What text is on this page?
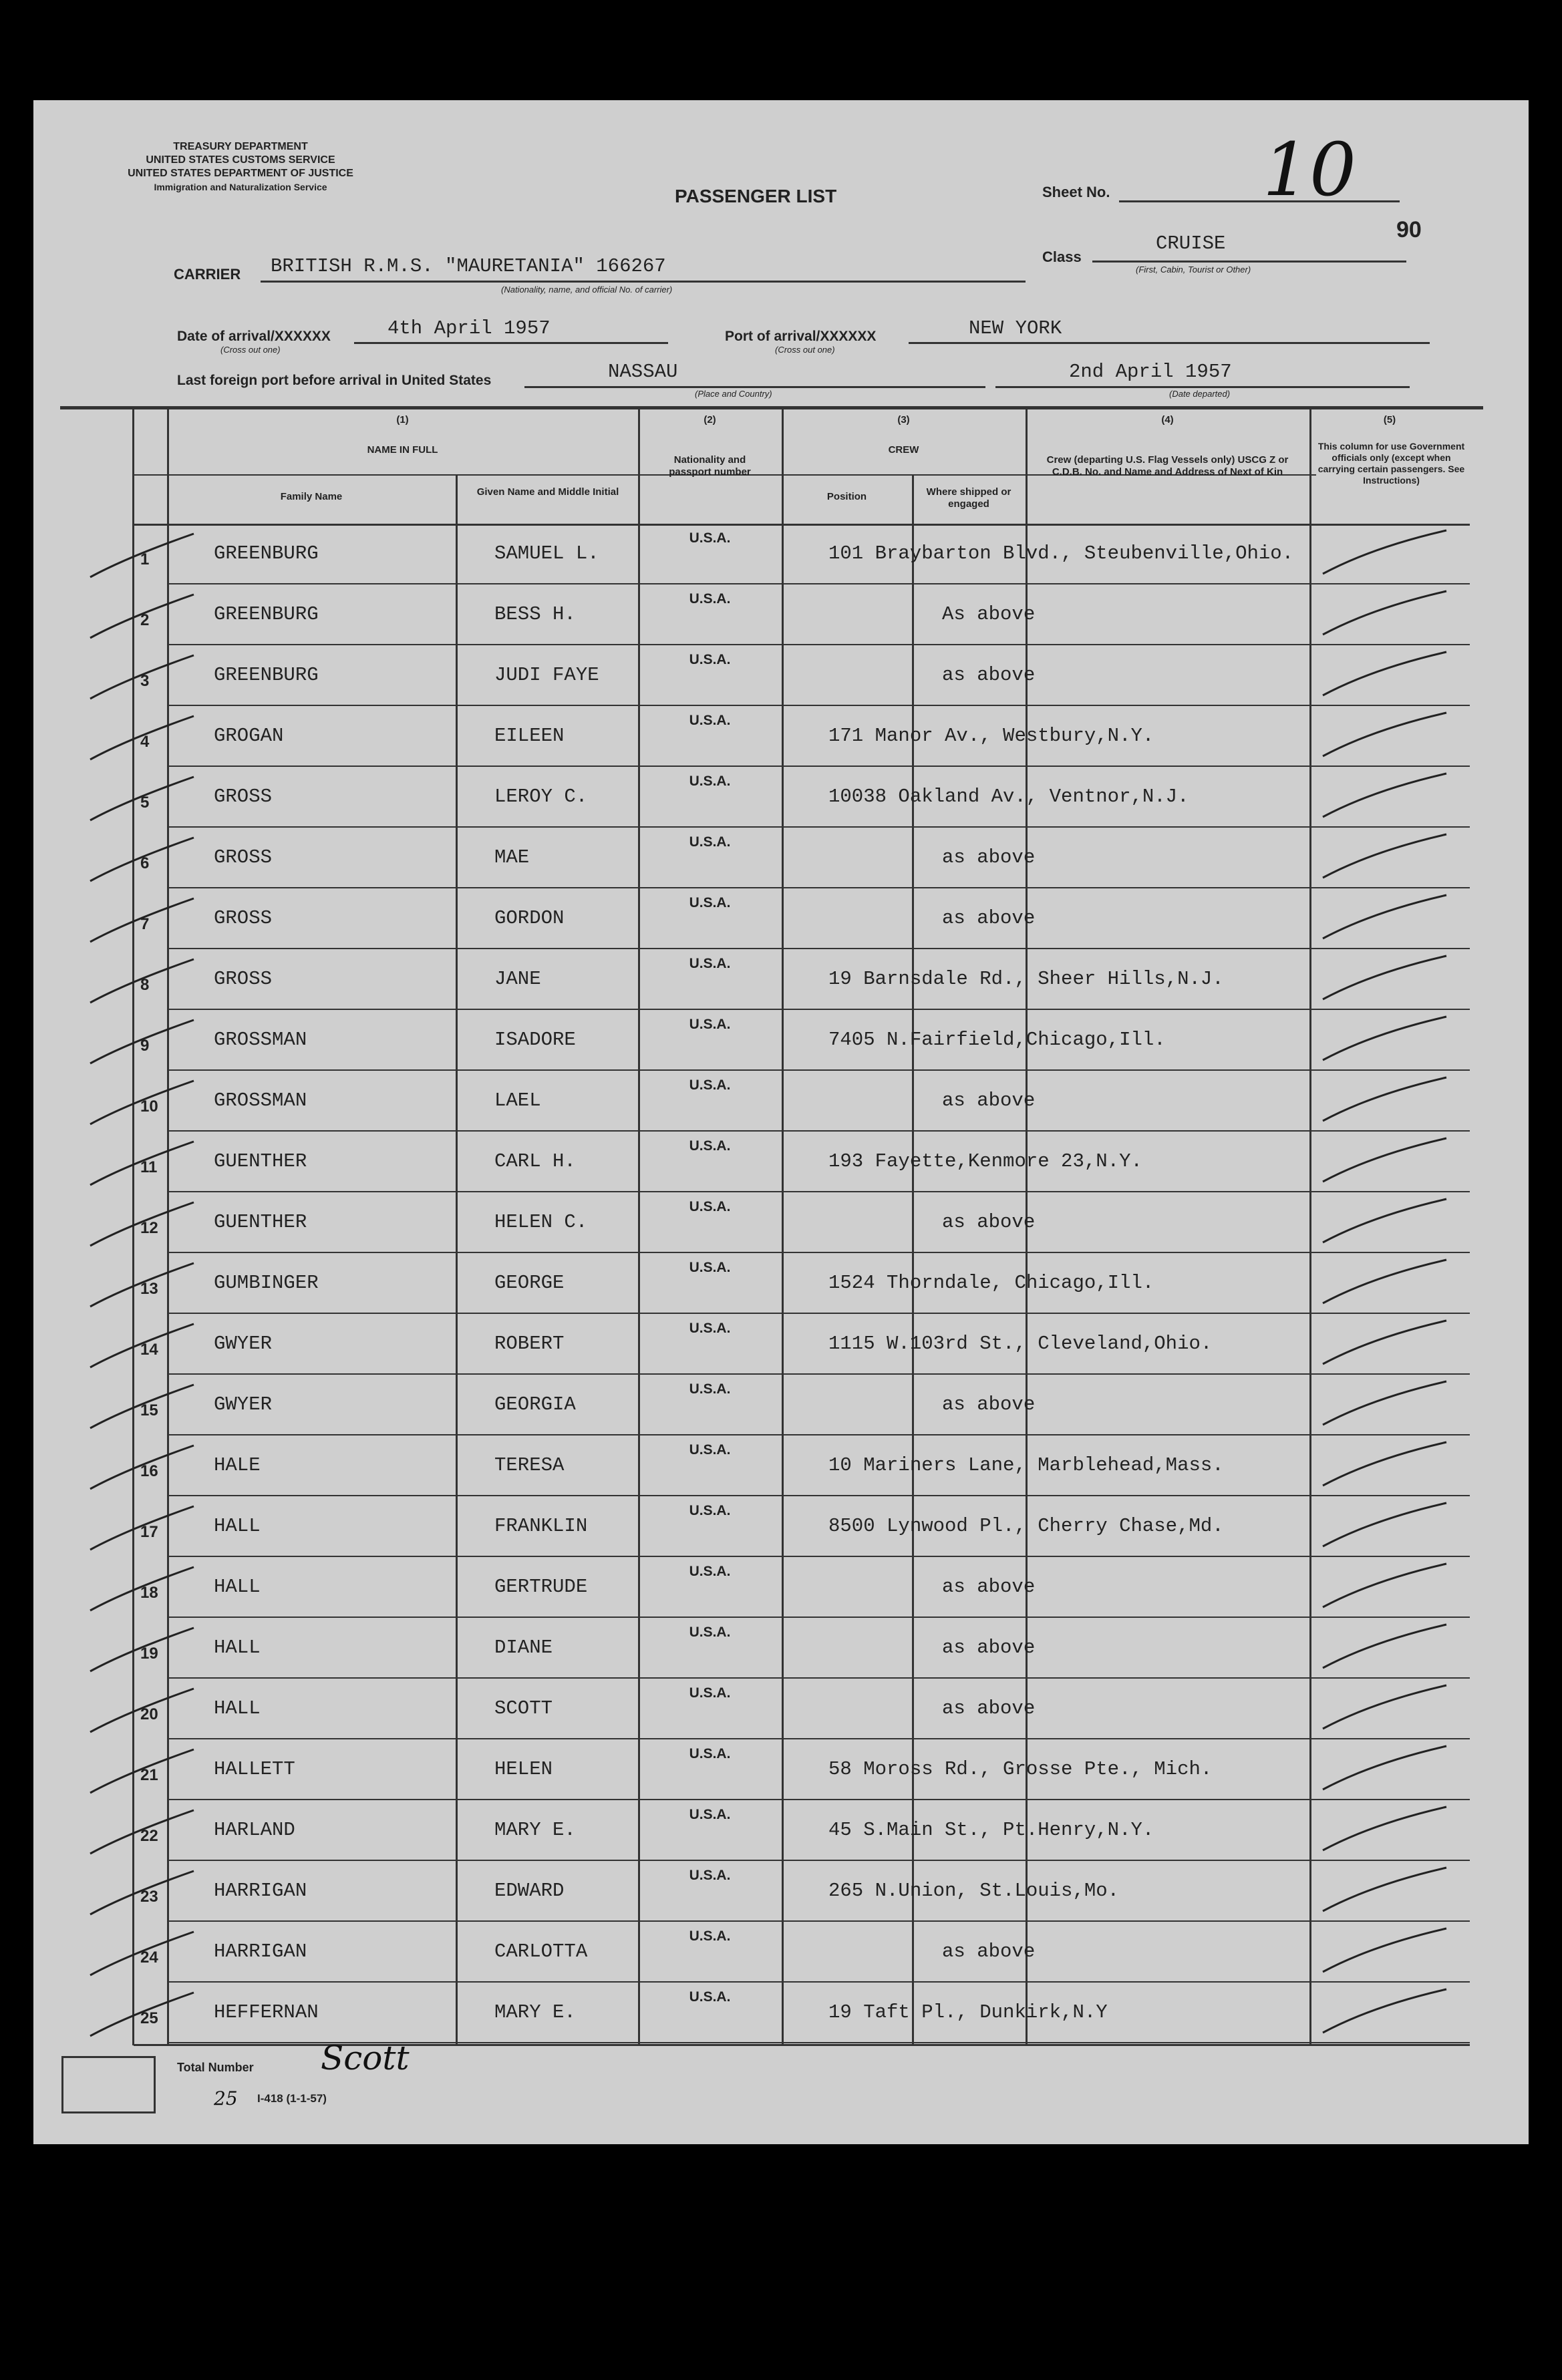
TREASURY DEPARTMENT
UNITED STATES CUSTOMS SERVICE
UNITED STATES DEPARTMENT OF JUSTICE
Immigration and Naturalization Service	PASSENGER LIST	Sheet No. 10
90
Class
CRUISE
(First, Cabin, Tourist or Other)
CARRIER BRITISH R.M.S. "MAURETANIA" 166267
(Nationality, name, and official No. of carrier)
Date of arrival/XXXXXX	4th April 1957
(Cross out one)
Port of arrival/XXXXXX	NEW YORK
(Cross out one)
Last foreign port before arrival in United States	NASSAU
(Place and Country)
2nd April 1957
(Date departed)
(1)
NAME IN FULL
Family Name	Given Name and Middle Initial
(2)
Nationality and passport number
(3)
CREW
Position	Where shipped or engaged
(4)
Crew (departing U.S. Flag Vessels only) USCG Z or C.D.B. No. and Name and Address of Next of Kin
(5)
This column for use Government officials only (except when carrying certain passengers. See Instructions)
1	GREENBURG	SAMUEL L.
U.S.A.
101 Braybarton Blvd., Steubenville,Ohio.
2	GREENBURG	BESS H.
U.S.A.
As above
3	GREENBURG	JUDI FAYE
U.S.A.
as above
4	GROGAN	EILEEN
U.S.A.
171 Manor Av., Westbury,N.Y.
5	GROSS	LEROY C.
U.S.A.
10038 Oakland Av., Ventnor,N.J.
6	GROSS	MAE
U.S.A.
as above
7	GROSS	GORDON
U.S.A.
as above
8	GROSS	JANE
U.S.A.
19 Barnsdale Rd., Sheer Hills,N.J.
9	GROSSMAN	ISADORE
U.S.A.
7405 N.Fairfield,Chicago,Ill.
10	GROSSMAN	LAEL
U.S.A.
as above
11	GUENTHER	CARL H.
U.S.A.
193 Fayette,Kenmore 23,N.Y.
12	GUENTHER	HELEN C.
U.S.A.
as above
13	GUMBINGER	GEORGE
U.S.A.
1524 Thorndale, Chicago,Ill.
14	GWYER	ROBERT
U.S.A.
1115 W.103rd St., Cleveland,Ohio.
15	GWYER	GEORGIA
U.S.A.
as above
16	HALE	TERESA
U.S.A.
10 Mariners Lane, Marblehead,Mass.
17	HALL	FRANKLIN
U.S.A.
8500 Lynwood Pl., Cherry Chase,Md.
18	HALL	GERTRUDE
U.S.A.
as above
19	HALL	DIANE
U.S.A.
as above
20	HALL	SCOTT
U.S.A.
as above
21	HALLETT	HELEN
U.S.A.
58 Moross Rd., Grosse Pte., Mich.
22	HARLAND	MARY E.
U.S.A.
45 S.Main St., Pt.Henry,N.Y.
23	HARRIGAN	EDWARD
U.S.A.
265 N.Union, St.Louis,Mo.
24	HARRIGAN	CARLOTTA
U.S.A.
as above
25	HEFFERNAN	MARY E.
U.S.A.
19 Taft Pl., Dunkirk,N.Y
Total Number
I-418 (1-1-57)
25
Scott
